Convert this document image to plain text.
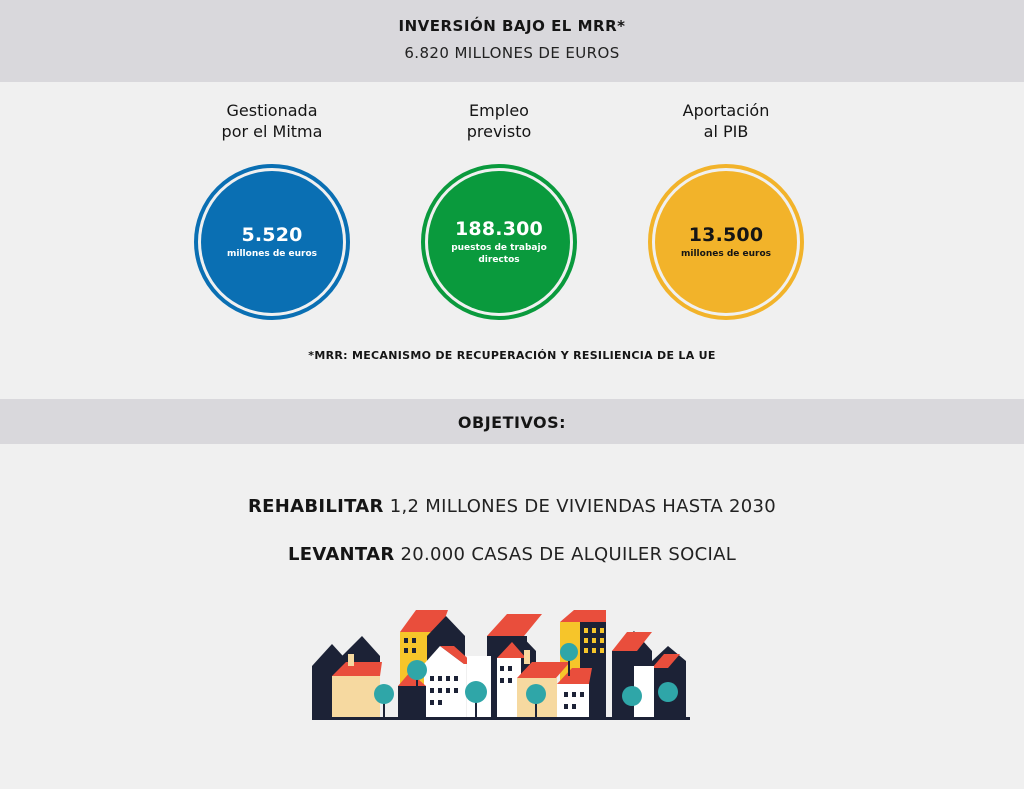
INVERSIÓN BAJO EL MRR*
6.820 MILLONES DE EUROS
Gestionada
por el Mitma
5.520
millones de euros
Empleo
previsto
188.300
puestos de trabajo
directos
Aportación
al PIB
13.500
millones de euros
*MRR: MECANISMO DE RECUPERACIÓN Y RESILIENCIA DE LA UE
OBJETIVOS:
REHABILITAR 1,2 MILLONES DE VIVIENDAS HASTA 2030
LEVANTAR 20.000 CASAS DE ALQUILER SOCIAL
